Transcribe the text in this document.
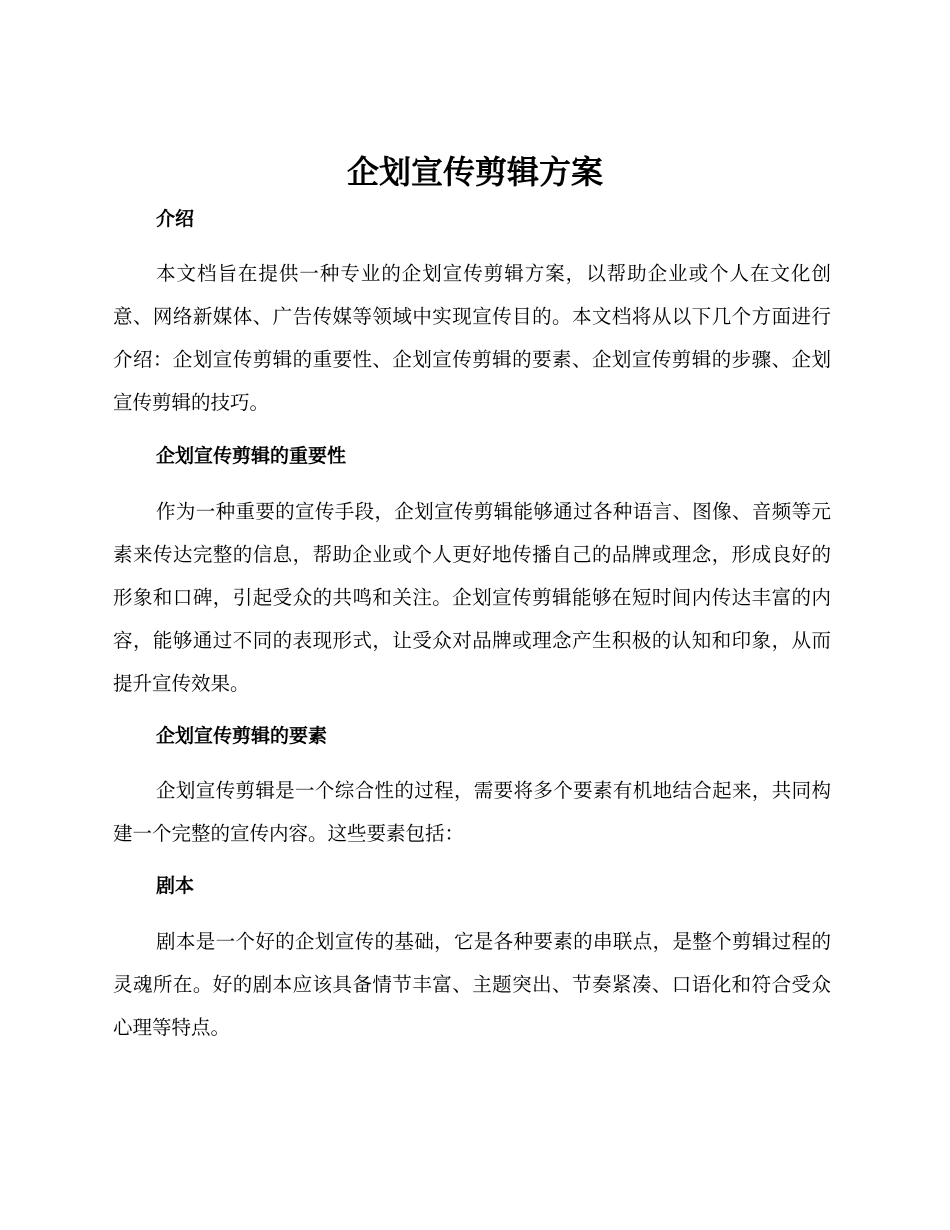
企划宣传剪辑方案
介绍

本文档旨在提供一种专业的企划宣传剪辑方案，以帮助企业或个人在文化创意、网络新媒体、广告传媒等领域中实现宣传目的。本文档将从以下几个方面进行介绍：企划宣传剪辑的重要性、企划宣传剪辑的要素、企划宣传剪辑的步骤、企划宣传剪辑的技巧。

企划宣传剪辑的重要性

作为一种重要的宣传手段，企划宣传剪辑能够通过各种语言、图像、音频等元素来传达完整的信息，帮助企业或个人更好地传播自己的品牌或理念，形成良好的形象和口碑，引起受众的共鸣和关注。企划宣传剪辑能够在短时间内传达丰富的内容，能够通过不同的表现形式，让受众对品牌或理念产生积极的认知和印象，从而提升宣传效果。

企划宣传剪辑的要素

企划宣传剪辑是一个综合性的过程，需要将多个要素有机地结合起来，共同构建一个完整的宣传内容。这些要素包括：

剧本

剧本是一个好的企划宣传的基础，它是各种要素的串联点，是整个剪辑过程的灵魂所在。好的剧本应该具备情节丰富、主题突出、节奏紧凑、口语化和符合受众心理等特点。
